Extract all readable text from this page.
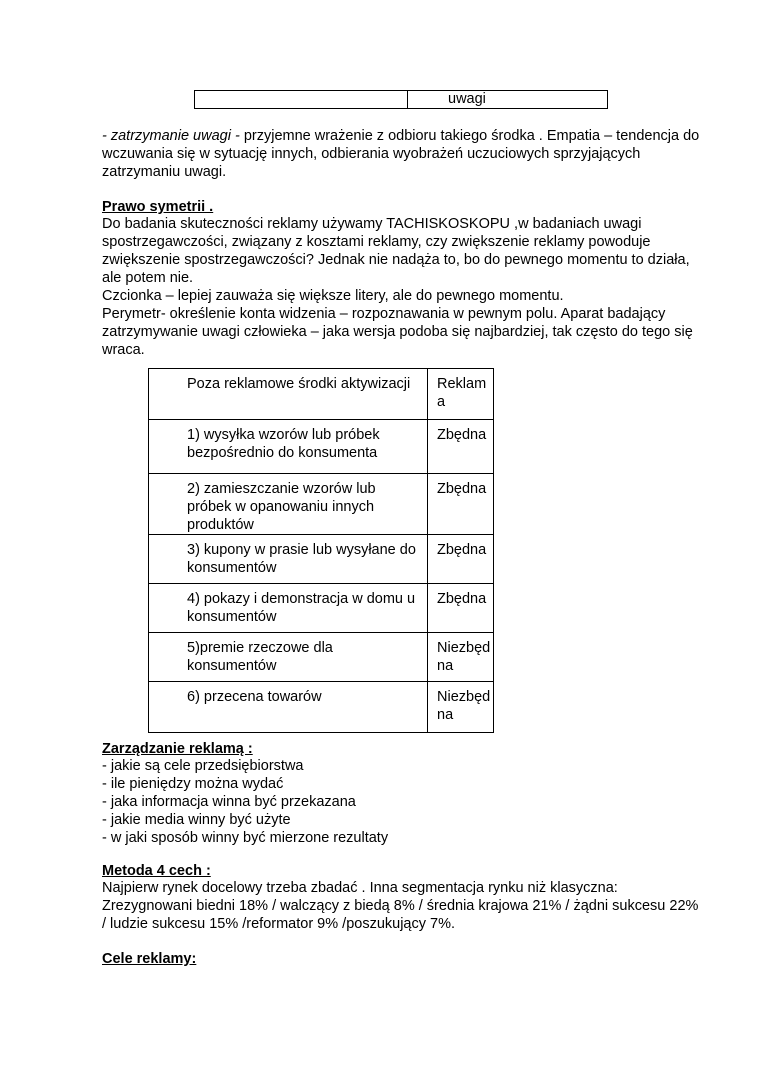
	uwagi

- zatrzymanie uwagi - przyjemne wrażenie z odbioru takiego środka . Empatia – tendencja do wczuwania się w sytuację innych, odbierania wyobrażeń uczuciowych sprzyjających zatrzymaniu uwagi.

Prawo symetrii .

Do badania skuteczności reklamy używamy TACHISKOSKOPU ,w badaniach uwagi spostrzegawczości, związany z kosztami reklamy, czy zwiększenie reklamy powoduje zwiększenie spostrzegawczości? Jednak nie nadąża to, bo do pewnego momentu to działa, ale potem nie.
Czcionka – lepiej zauważa się większe litery, ale do pewnego momentu.
Perymetr- określenie konta widzenia – rozpoznawania w pewnym polu. Aparat badający zatrzymywanie uwagi człowieka – jaka wersja podoba się najbardziej, tak często do tego się wraca.
Poza reklamowe środki aktywizacji	Reklam a
1) wysyłka wzorów lub próbek bezpośrednio do konsumenta	Zbędna
2) zamieszczanie wzorów lub próbek w opanowaniu innych produktów	Zbędna
3) kupony w prasie lub wysyłane do konsumentów	Zbędna
4) pokazy i demonstracja w domu u konsumentów	Zbędna
5)premie rzeczowe dla konsumentów	Niezbęd na
6) przecena towarów	Niezbęd na

Zarządzanie reklamą :

- jakie są cele przedsiębiorstwa
- ile pieniędzy można wydać
- jaka informacja winna być przekazana
- jakie media winny być użyte
- w jaki sposób winny być mierzone rezultaty

Metoda 4 cech :

Najpierw rynek docelowy trzeba zbadać . Inna segmentacja rynku niż klasyczna: Zrezygnowani biedni 18% / walczący z biedą 8% / średnia krajowa 21% / żądni sukcesu 22% / ludzie sukcesu 15% /reformator 9% /poszukujący 7%.

Cele reklamy:
